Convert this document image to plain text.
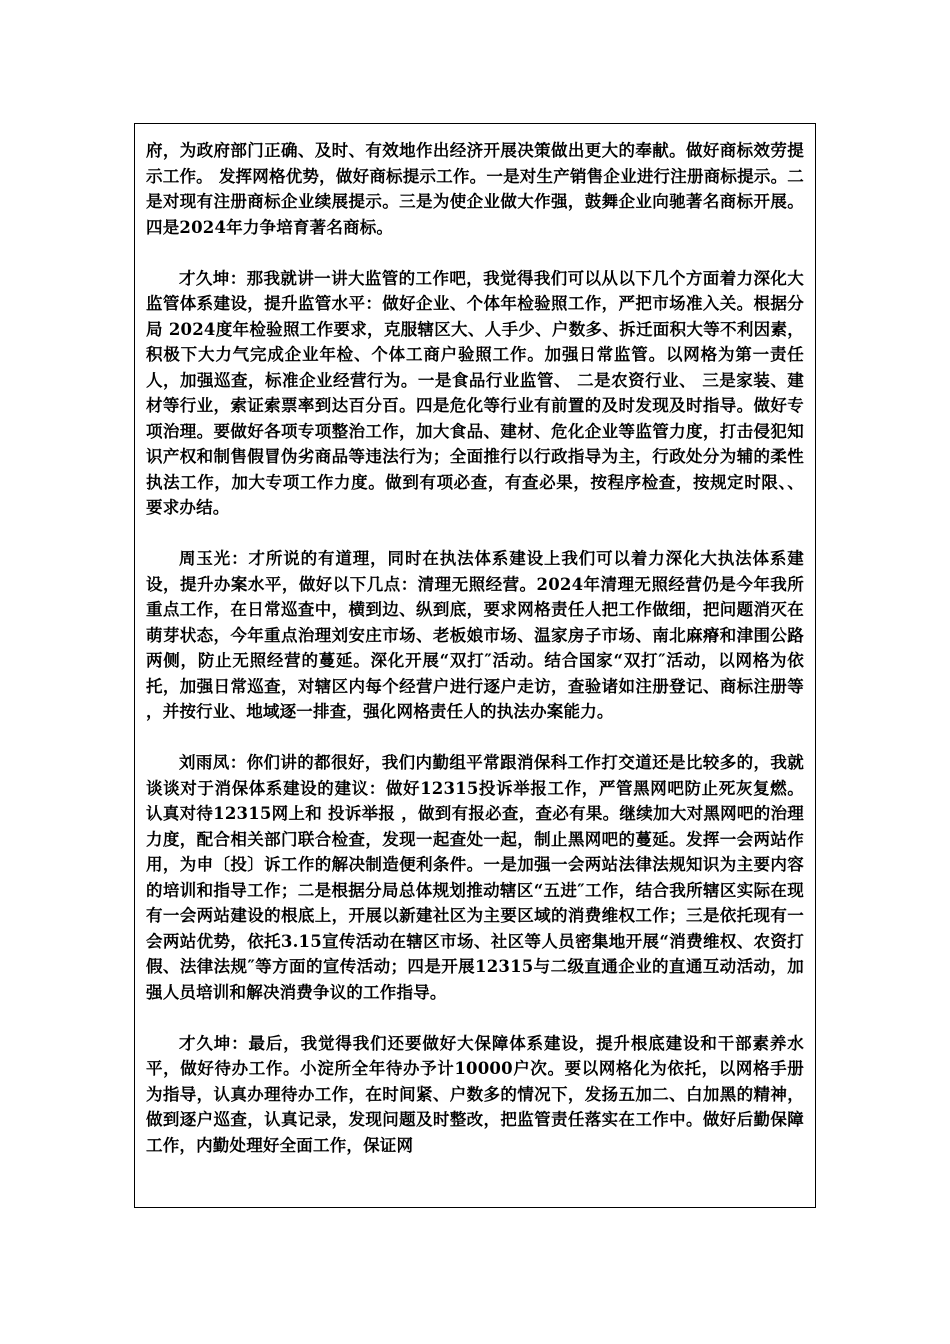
府，为政府部门正确、及时、有效地作出经济开展决策做出更大的奉献。做好商标效劳提示工作。 发挥网格优势，做好商标提示工作。一是对生产销售企业进行注册商标提示。二是对现有注册商标企业续展提示。三是为使企业做大作强，鼓舞企业向驰著名商标开展。四是2024年力争培育著名商标。

才久坤：那我就讲一讲大监管的工作吧，我觉得我们可以从以下几个方面着力深化大监管体系建设，提升监管水平：做好企业、个体年检验照工作，严把市场准入关。根据分局 2024度年检验照工作要求，克服辖区大、人手少、户数多、拆迁面积大等不利因素，积极下大力气完成企业年检、个体工商户验照工作。加强日常监管。以网格为第一责任人，加强巡查，标准企业经营行为。一是食品行业监管、 二是农资行业、 三是家装、建材等行业，索证索票率到达百分百。四是危化等行业有前置的及时发现及时指导。做好专项治理。要做好各项专项整治工作，加大食品、建材、危化企业等监管力度，打击侵犯知识产权和制售假冒伪劣商品等违法行为；全面推行以行政指导为主，行政处分为辅的柔性执法工作，加大专项工作力度。做到有项必查，有查必果，按程序检查，按规定时限、、要求办结。

周玉光：才所说的有道理，同时在执法体系建设上我们可以着力深化大执法体系建设，提升办案水平，做好以下几点：清理无照经营。2024年清理无照经营仍是今年我所重点工作，在日常巡查中，横到边、纵到底，要求网格责任人把工作做细，把问题消灭在萌芽状态，今年重点治理刘安庄市场、老板娘市场、温家房子市场、南北麻瘠和津围公路两侧，防止无照经营的蔓延。深化开展“双打″活动。结合国家“双打″活动，以网格为依托，加强日常巡查，对辖区内每个经营户进行逐户走访，查验诸如注册登记、商标注册等 ，并按行业、地域逐一排查，强化网格责任人的执法办案能力。

刘雨凤：你们讲的都很好，我们内勤组平常跟消保科工作打交道还是比较多的，我就谈谈对于消保体系建设的建议：做好12315投诉举报工作，严管黑网吧防止死灰复燃。 认真对待12315网上和 投诉举报 ，做到有报必查，查必有果。继续加大对黑网吧的治理力度，配合相关部门联合检查，发现一起查处一起，制止黑网吧的蔓延。发挥一会两站作用，为申〔投〕诉工作的解决制造便利条件。一是加强一会两站法律法规知识为主要内容的培训和指导工作；二是根据分局总体规划推动辖区“五进″工作，结合我所辖区实际在现有一会两站建设的根底上，开展以新建社区为主要区域的消费维权工作；三是依托现有一会两站优势，依托3.15宣传活动在辖区市场、社区等人员密集地开展“消费维权、农资打假、法律法规″等方面的宣传活动；四是开展12315与二级直通企业的直通互动活动，加强人员培训和解决消费争议的工作指导。

才久坤：最后，我觉得我们还要做好大保障体系建设，提升根底建设和干部素养水平，做好待办工作。小淀所全年待办予计10000户次。要以网格化为依托，以网格手册为指导，认真办理待办工作，在时间紧、户数多的情况下，发扬五加二、白加黑的精神，做到逐户巡查，认真记录，发现问题及时整改，把监管责任落实在工作中。做好后勤保障工作，内勤处理好全面工作，保证网
